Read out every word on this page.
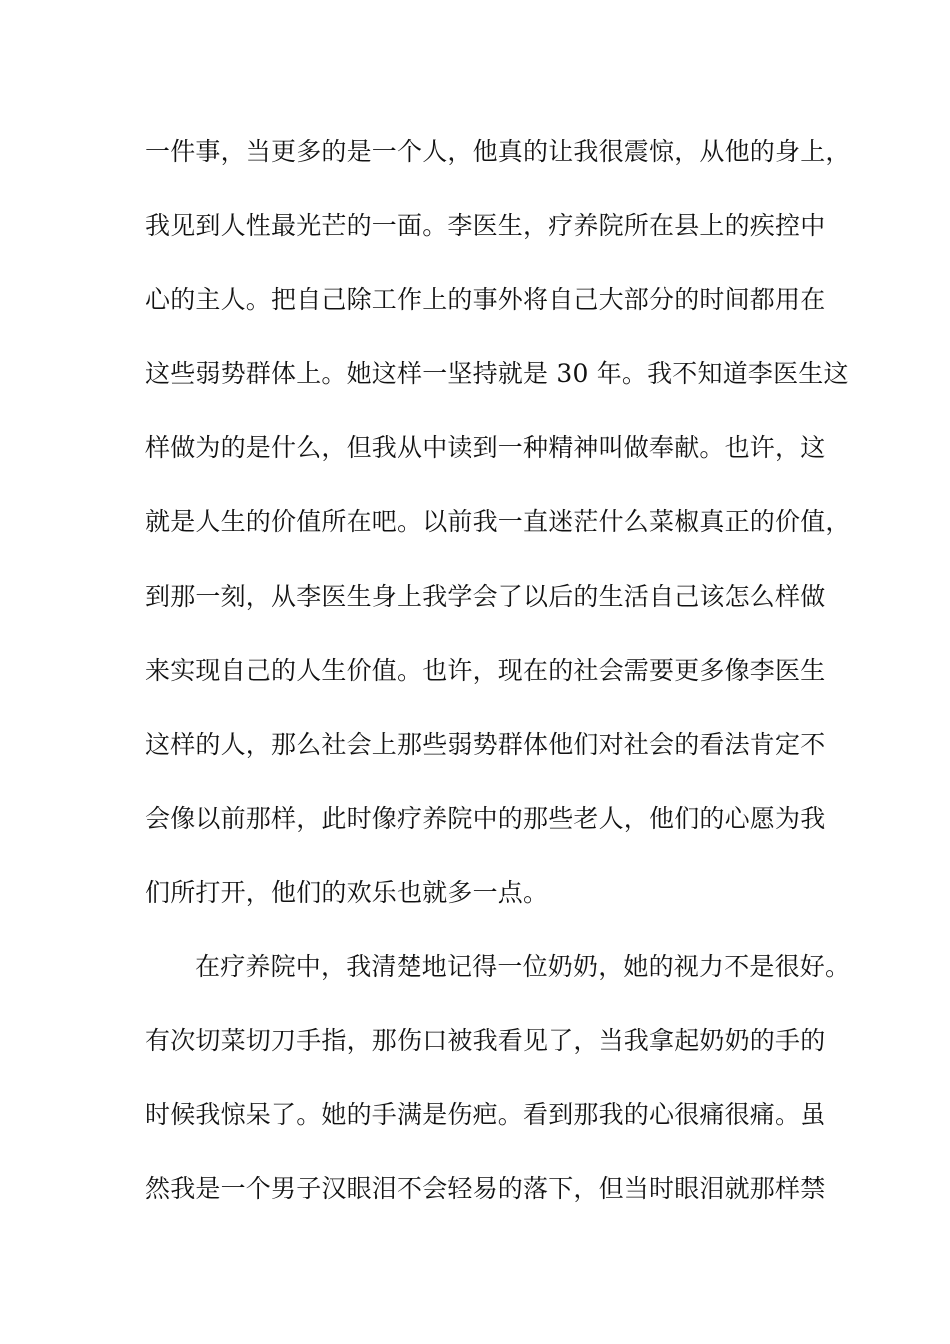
一件事，当更多的是一个人，他真的让我很震惊，从他的身上，
我见到人性最光芒的一面。李医生，疗养院所在县上的疾控中
心的主人。把自己除工作上的事外将自己大部分的时间都用在
这些弱势群体上。她这样一坚持就是 30 年。我不知道李医生这
样做为的是什么，但我从中读到一种精神叫做奉献。也许，这
就是人生的价值所在吧。以前我一直迷茫什么菜椒真正的价值，
到那一刻，从李医生身上我学会了以后的生活自己该怎么样做
来实现自己的人生价值。也许，现在的社会需要更多像李医生
这样的人，那么社会上那些弱势群体他们对社会的看法肯定不
会像以前那样，此时像疗养院中的那些老人，他们的心愿为我
们所打开，他们的欢乐也就多一点。
在疗养院中，我清楚地记得一位奶奶，她的视力不是很好。
有次切菜切刀手指，那伤口被我看见了，当我拿起奶奶的手的
时候我惊呆了。她的手满是伤疤。看到那我的心很痛很痛。虽
然我是一个男子汉眼泪不会轻易的落下，但当时眼泪就那样禁
